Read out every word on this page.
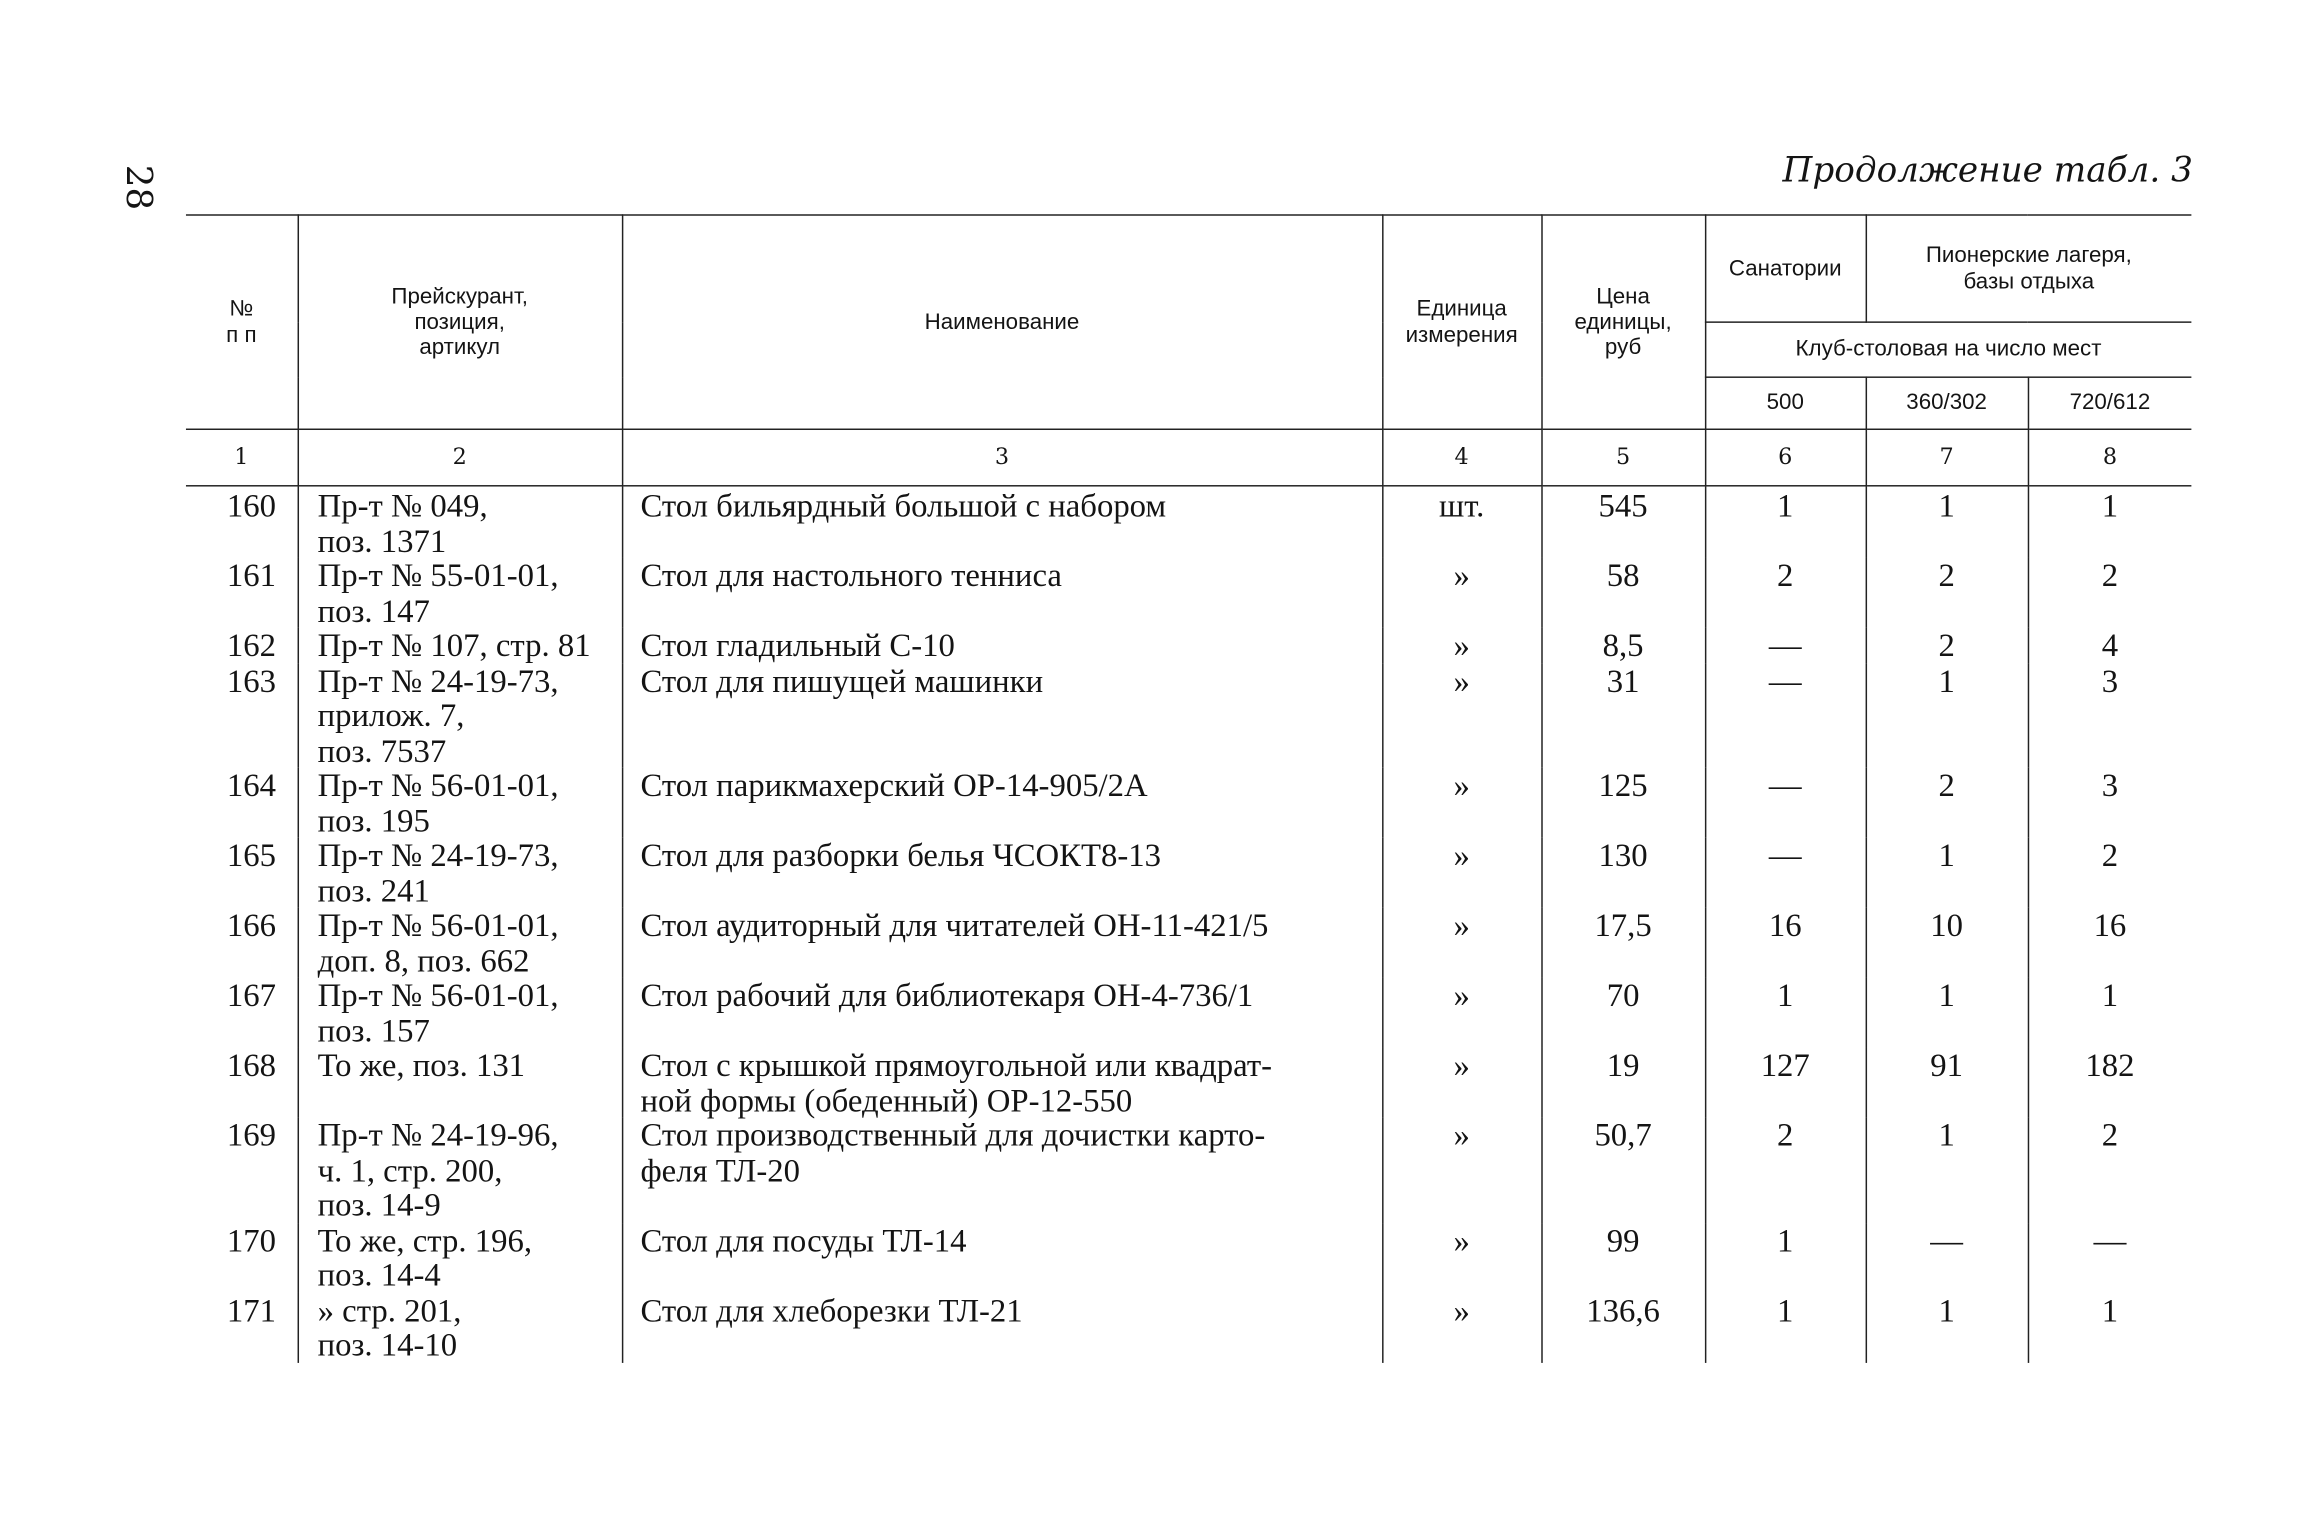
28	Продолжение табл. 3
№
п п	Прейскурант,
позиция,
артикул	Наименование	Единица
измерения	Цена
единицы,
руб	Санатории	Пионерские лагеря,
базы отдыха	
					Клуб-столовая на число мест		
					500	360/302	720/612
1	2	3	4	5	6	7	8
160	Пр-т № 049,
поз. 1371	Стол бильярдный большой с набором	шт.	545	1	1	1
161	Пр-т № 55-01-01,
поз. 147	Стол для настольного тенниса	»	58	2	2	2
162	Пр-т № 107, стр. 81	Стол гладильный С-10	»	8,5	—	2	4
163	Пр-т № 24-19-73,
прилож. 7,
поз. 7537	Стол для пишущей машинки	»	31	—	1	3
164	Пр-т № 56-01-01,
поз. 195	Стол парикмахерский ОР-14-905/2А	»	125	—	2	3
165	Пр-т № 24-19-73,
поз. 241	Стол для разборки белья ЧСОКТ8-13	»	130	—	1	2
166	Пр-т № 56-01-01,
доп. 8, поз. 662	Стол аудиторный для читателей ОН-11-421/5	»	17,5	16	10	16
167	Пр-т № 56-01-01,
поз. 157	Стол рабочий для библиотекаря ОН-4-736/1	»	70	1	1	1
168	То же, поз. 131	Стол с крышкой прямоугольной или квадрат-
ной формы (обеденный) ОР-12-550	»	19	127	91	182
169	Пр-т № 24-19-96,
ч. 1, стр. 200,
поз. 14-9	Стол производственный для дочистки карто-
феля ТЛ-20	»	50,7	2	1	2
170	То же, стр. 196,
поз. 14-4	Стол для посуды ТЛ-14	»	99	1	—	—
171	» стр. 201,
поз. 14-10	Стол для хлеборезки ТЛ-21	»	136,6	1	1	1
